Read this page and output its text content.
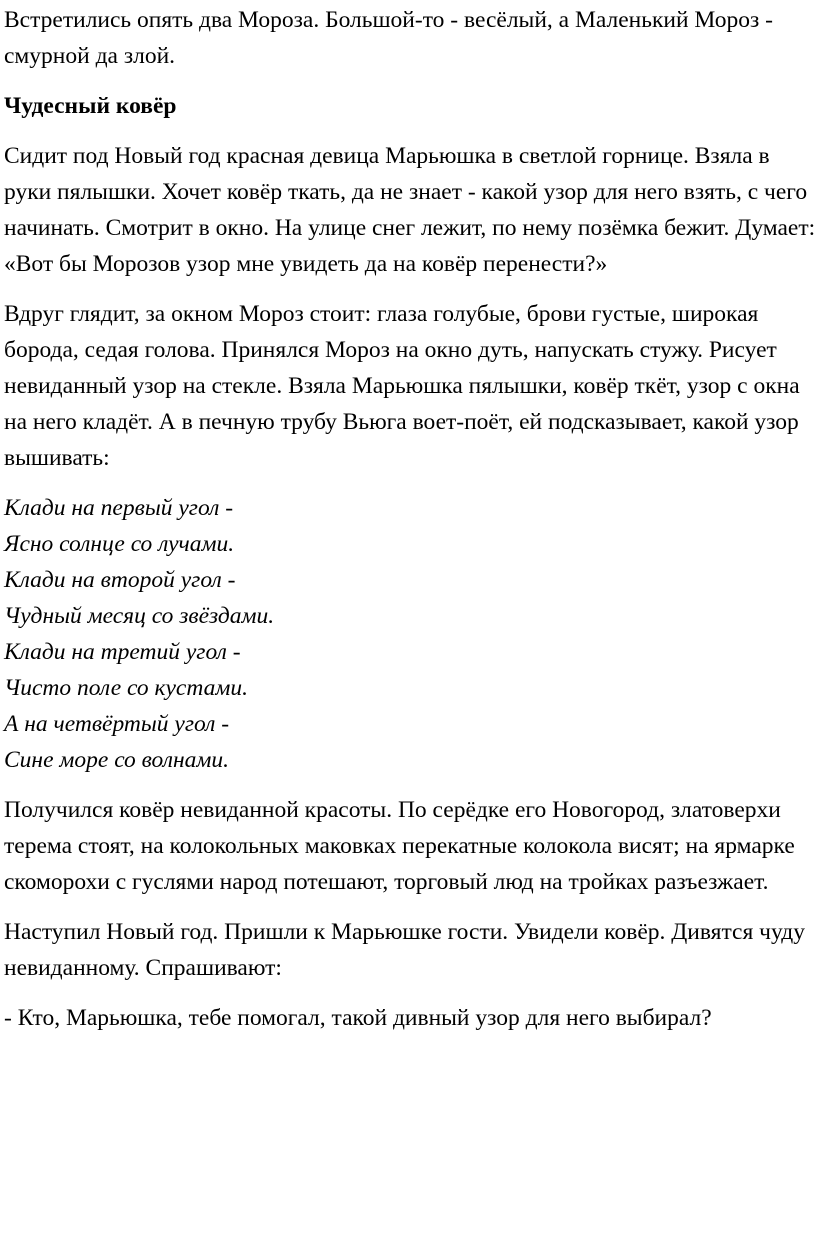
Встретились опять два Мороза. Большой-то - весёлый, а Маленький Мороз - смурной да злой.

Чудесный ковёр

Сидит под Новый год красная девица Марьюшка в светлой горнице. Взяла в руки пялышки. Хочет ковёр ткать, да не знает - какой узор для него взять, с чего начинать. Смотрит в окно. На улице снег лежит, по нему позёмка бежит. Думает: «Вот бы Морозов узор мне увидеть да на ковёр перенести?»

Вдруг глядит, за окном Мороз стоит: глаза голубые, брови густые, широкая борода, седая голова. Принялся Мороз на окно дуть, напускать стужу. Рисует невиданный узор на стекле. Взяла Марьюшка пялышки, ковёр ткёт, узор с окна на него кладёт. А в печную трубу Вьюга воет-поёт, ей подсказывает, какой узор вышивать:

Клади на первый угол -
Ясно солнце со лучами.
Клади на второй угол -
Чудный месяц со звёздами.
Клади на третий угол -
Чисто поле со кустами.
А на четвёртый угол -
Сине море со волнами.

Получился ковёр невиданной красоты. По серёдке его Новогород, златоверхи терема стоят, на колокольных маковках перекатные колокола висят; на ярмарке скоморохи с гуслями народ потешают, торговый люд на тройках разъезжает.

Наступил Новый год. Пришли к Марьюшке гости. Увидели ковёр. Дивятся чуду невиданному. Спрашивают:

- Кто, Марьюшка, тебе помогал, такой дивный узор для него выбирал?
